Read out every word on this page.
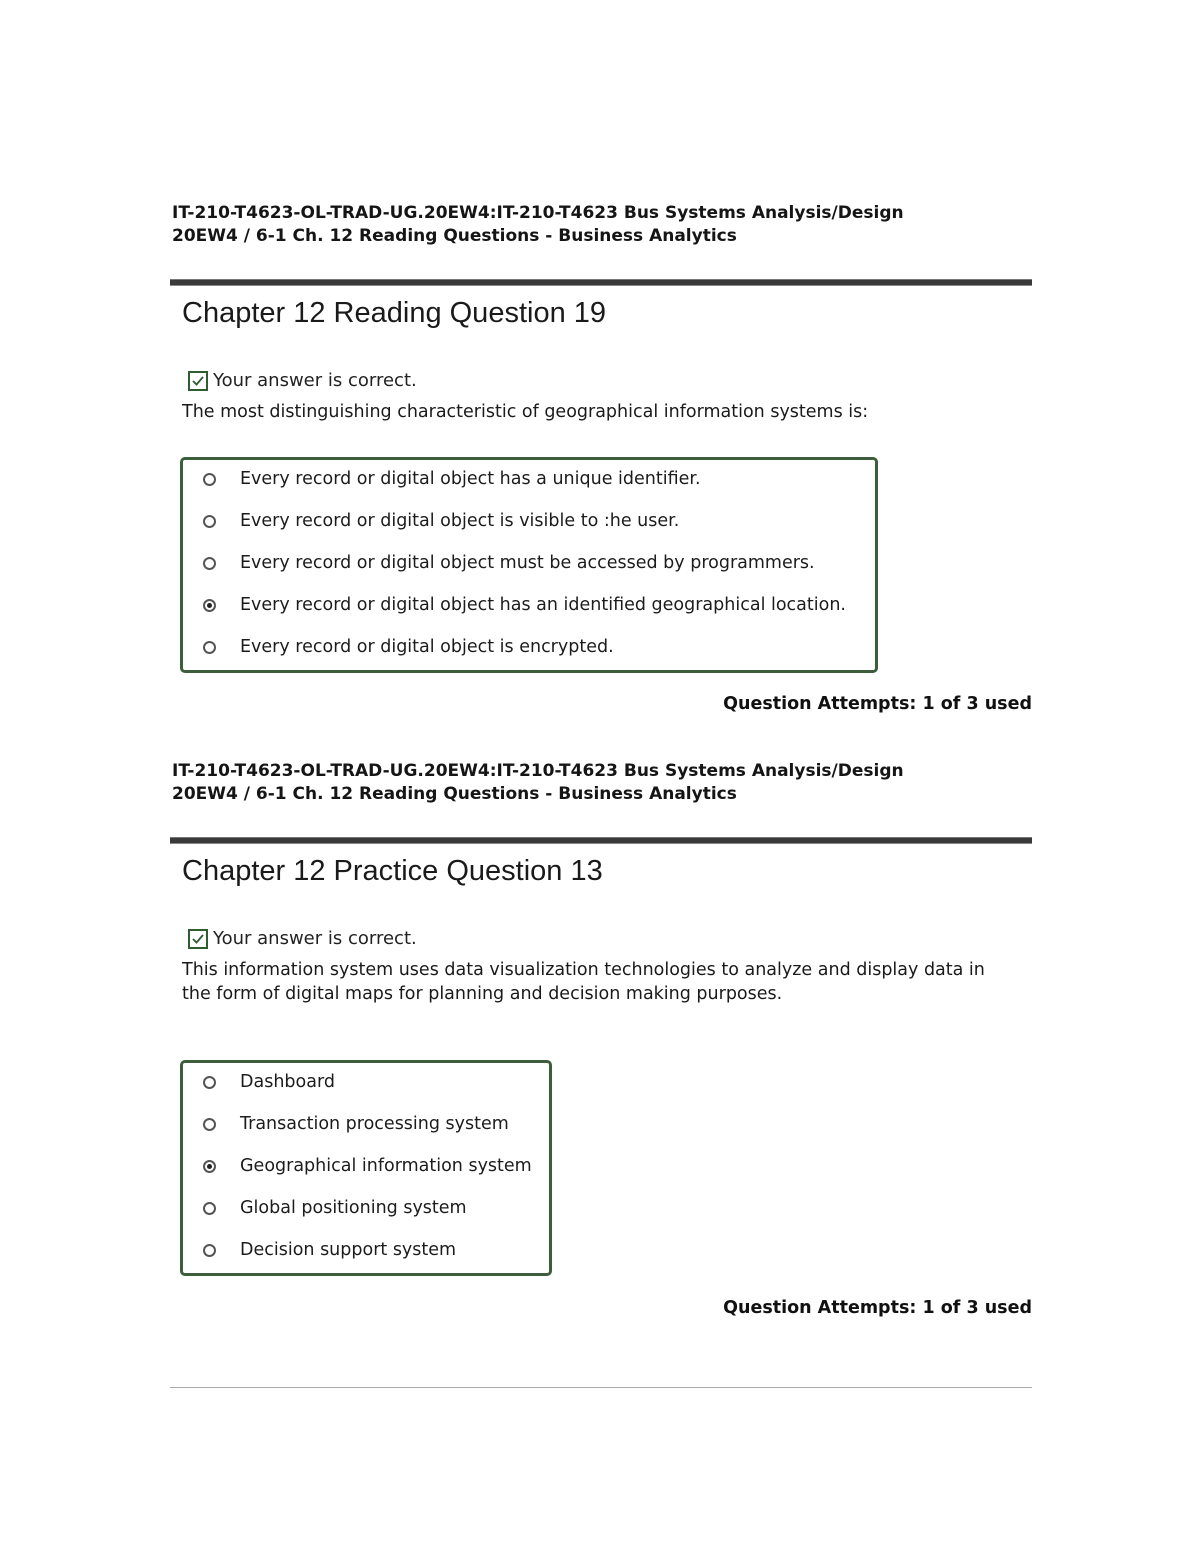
IT-210-T4623-OL-TRAD-UG.20EW4:IT-210-T4623 Bus Systems Analysis/Design
20EW4 / 6-1 Ch. 12 Reading Questions - Business Analytics
Chapter 12 Reading Question 19
Your answer is correct.
The most distinguishing characteristic of geographical information systems is:
Every record or digital object has a unique identifier.
Every record or digital object is visible to :he user.
Every record or digital object must be accessed by programmers.
Every record or digital object has an identified geographical location.
Every record or digital object is encrypted.
Question Attempts: 1 of 3 used
IT-210-T4623-OL-TRAD-UG.20EW4:IT-210-T4623 Bus Systems Analysis/Design
20EW4 / 6-1 Ch. 12 Reading Questions - Business Analytics
Chapter 12 Practice Question 13
Your answer is correct.
This information system uses data visualization technologies to analyze and display data in
the form of digital maps for planning and decision making purposes.
Dashboard
Transaction processing system
Geographical information system
Global positioning system
Decision support system
Question Attempts: 1 of 3 used
